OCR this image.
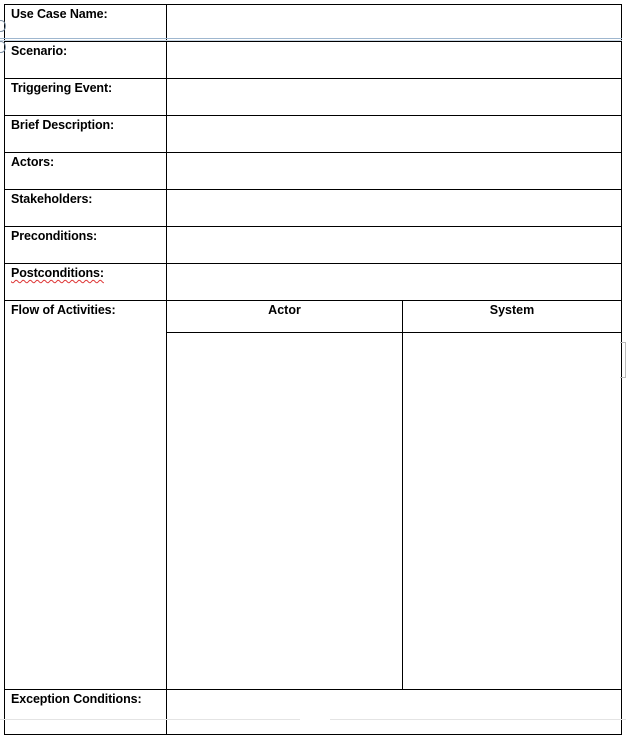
Use Case Name:		
Scenario:		
Triggering Event:		
Brief Description:		
Actors:		
Stakeholders:		
Preconditions:		
Postconditions:		
Flow of Activities:	Actor	System

Exception Conditions:		
